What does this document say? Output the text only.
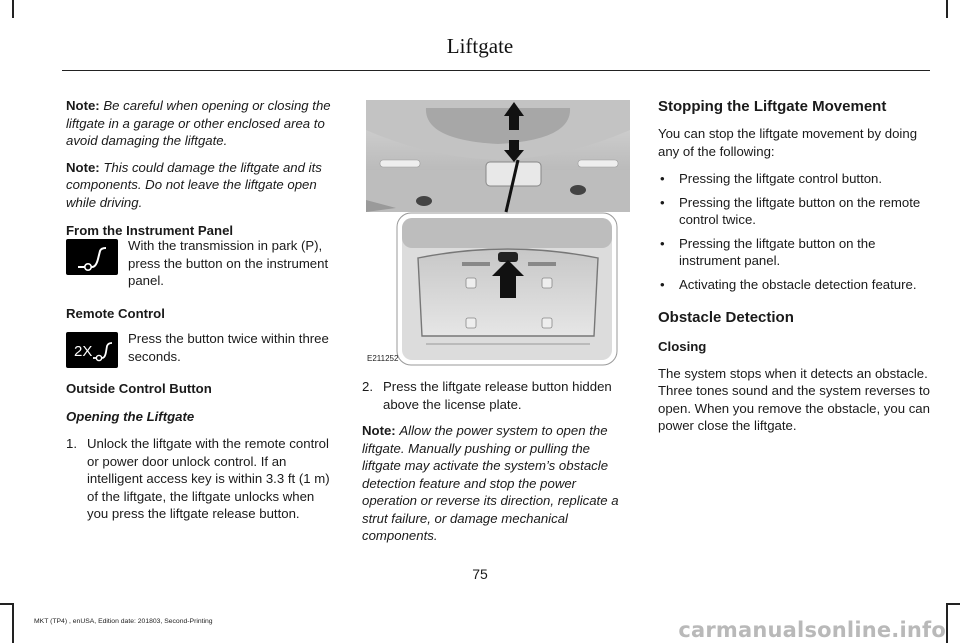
Liftgate

Note: Be careful when opening or closing the liftgate in a garage or other enclosed area to avoid damaging the liftgate.

Note: This could damage the liftgate and its components. Do not leave the liftgate open while driving.

From the Instrument Panel

With the transmission in park (P), press the button on the instrument panel.
Remote Control
2X
Press the button twice within three seconds.

Outside Control Button

Opening the Liftgate

1. Unlock the liftgate with the remote control or power door unlock control. If an intelligent access key is within 3.3 ft (1 m) of the liftgate, the liftgate unlocks when you press the liftgate release button.
E211252
2. Press the liftgate release button hidden above the license plate.

Note: Allow the power system to open the liftgate. Manually pushing or pulling the liftgate may activate the system’s obstacle detection feature and stop the power operation or reverse its direction, replicate a strut failure, or damage mechanical components.

Stopping the Liftgate Movement

You can stop the liftgate movement by doing any of the following:

• Pressing the liftgate control button.
• Pressing the liftgate button on the remote control twice.
• Pressing the liftgate button on the instrument panel.
• Activating the obstacle detection feature.

Obstacle Detection

Closing

The system stops when it detects an obstacle. Three tones sound and the system reverses to open. When you remove the obstacle, you can power close the liftgate.

75
MKT (TP4) , enUSA, Edition date: 201803, Second-Printing	carmanualsonline.info
